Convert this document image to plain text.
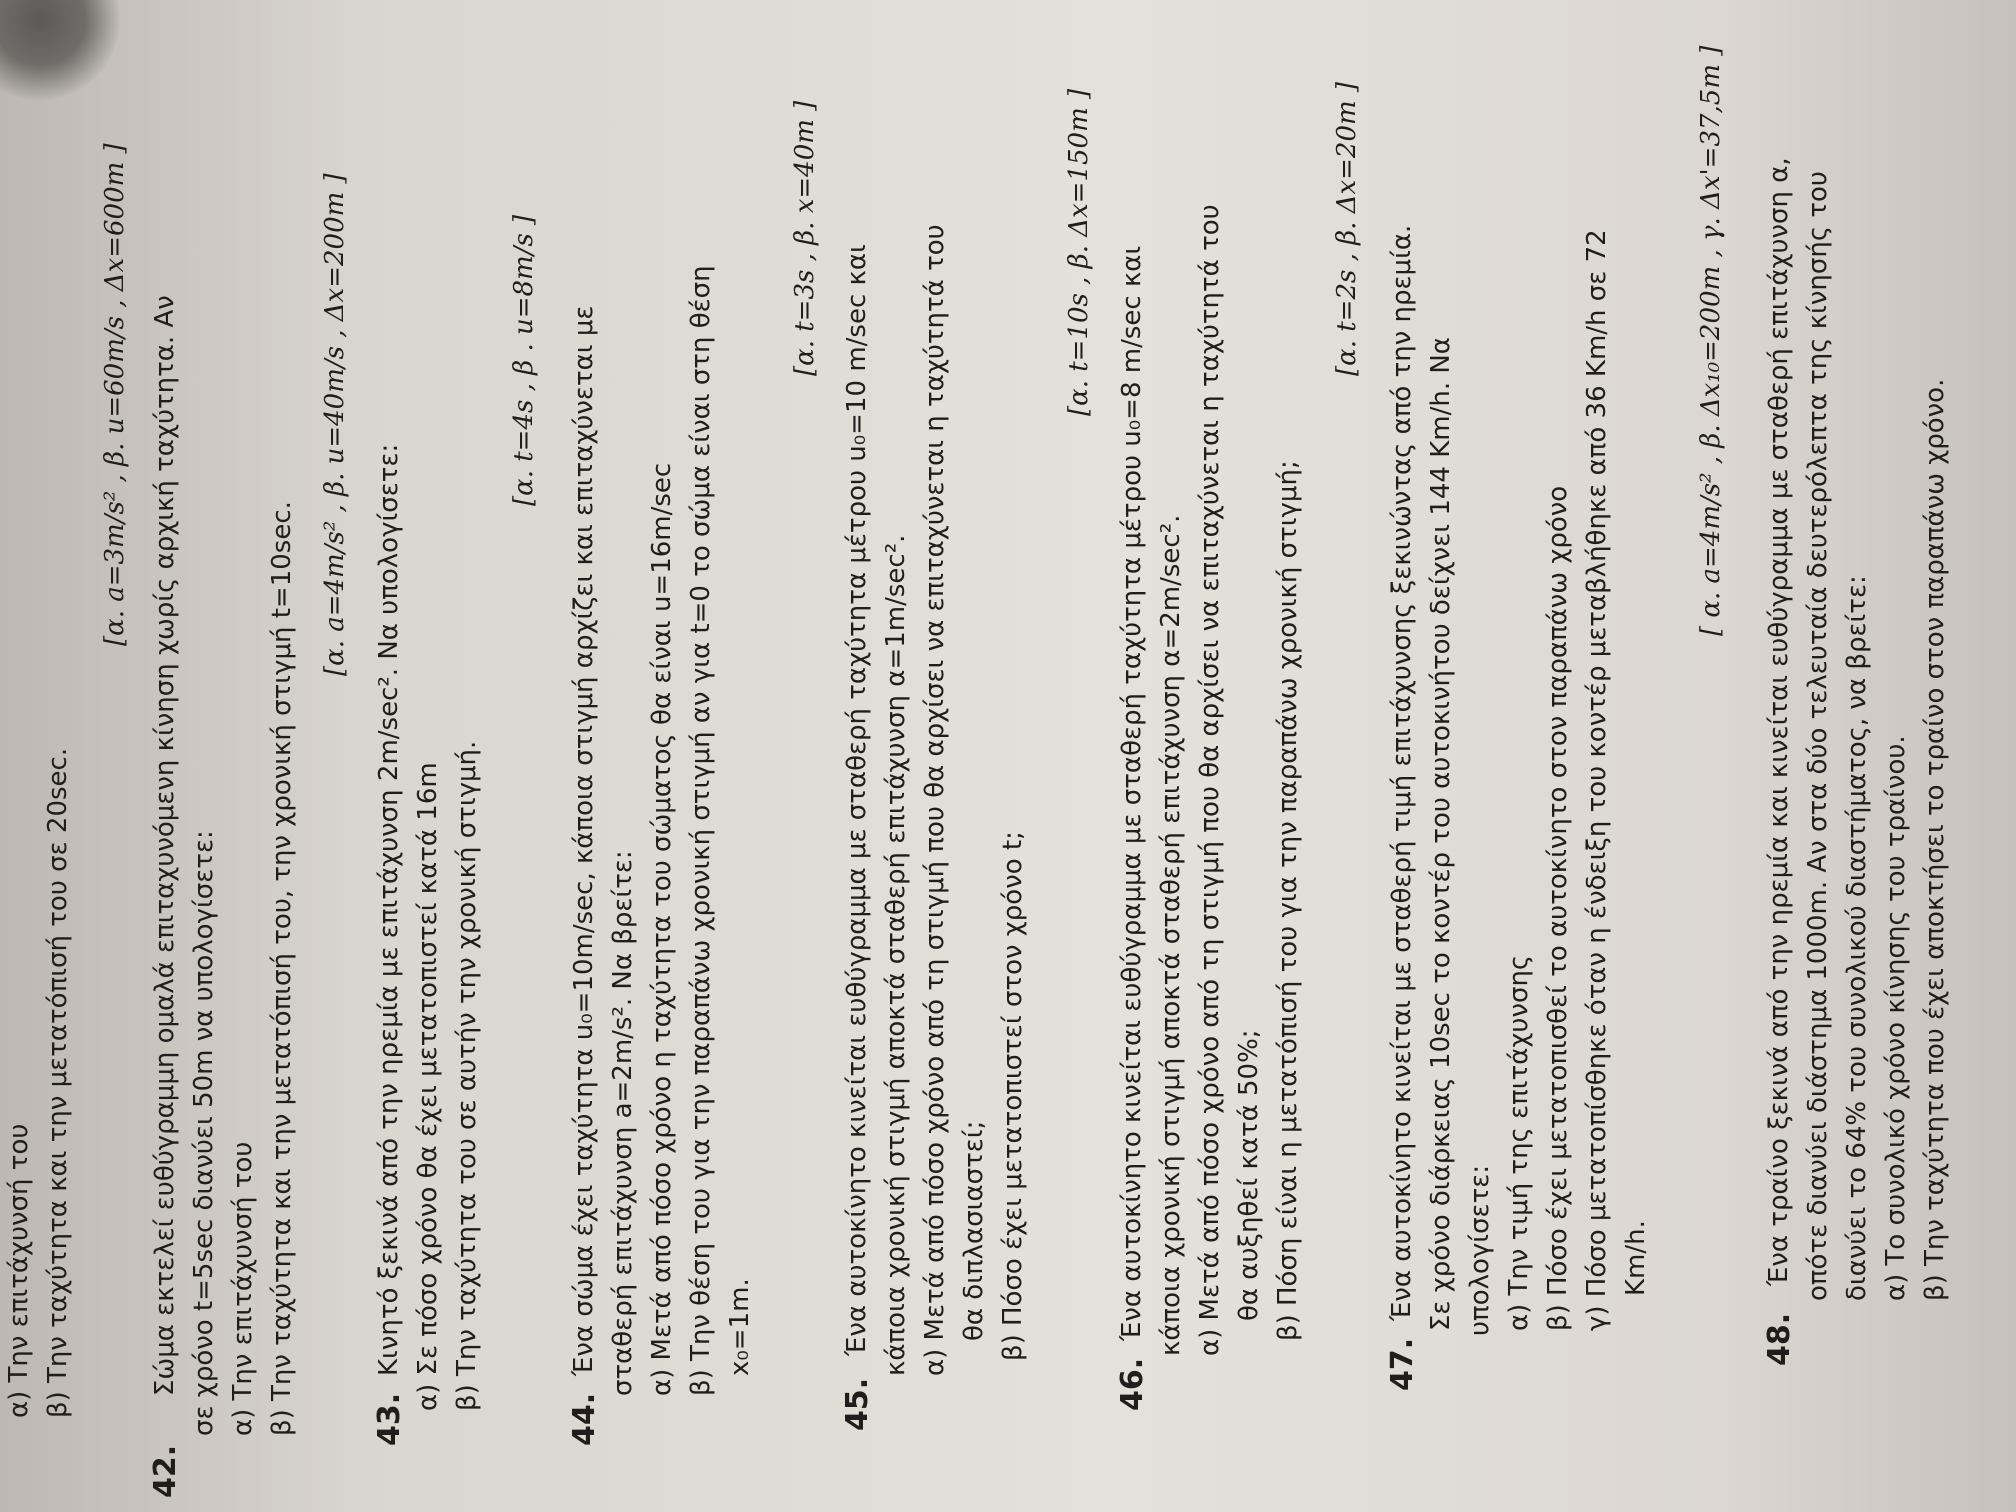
α) Την επιτάχυνσή του β) Την ταχύτητα και την μετατόπισή του σε 20sec.
[α. a=3m/s² , β. u=60m/s , Δx=600m ]
42.
Σώμα εκτελεί ευθύγραμμη ομαλά επιταχυνόμενη κίνηση χωρίς αρχική ταχύτητα. Αν σε χρόνο t=5sec διανύει 50m να υπολογίσετε: α) Την επιτάχυνσή του β) Την ταχύτητα και την μετατόπισή του, την χρονική στιγμή t=10sec.
[α. a=4m/s² , β. u=40m/s , Δx=200m ]
43.
Κινητό ξεκινά από την ηρεμία με επιτάχυνση 2m/sec². Να υπολογίσετε: α) Σε πόσο χρόνο θα έχει μετατοπιστεί κατά 16m β) Την ταχύτητα του σε αυτήν την χρονική στιγμή.
[α. t=4s , β . u=8m/s ]
44.
Ένα σώμα έχει ταχύτητα u₀=10m/sec, κάποια στιγμή αρχίζει και επιταχύνεται με σταθερή επιτάχυνση a=2m/s². Να βρείτε: α) Μετά από πόσο χρόνο η ταχύτητα του σώματος θα είναι u=16m/sec β) Την θέση του για την παραπάνω χρονική στιγμή αν για t=0 το σώμα είναι στη θέση x₀=1m.
[α. t=3s , β. x=40m ]
45.
Ένα αυτοκίνητο κινείται ευθύγραμμα με σταθερή ταχύτητα μέτρου u₀=10 m/sec και κάποια χρονική στιγμή αποκτά σταθερή επιτάχυνση α=1m/sec². α) Μετά από πόσο χρόνο από τη στιγμή που θα αρχίσει να επιταχύνεται η ταχύτητά του θα διπλασιαστεί; β) Πόσο έχει μετατοπιστεί στον χρόνο t;
[α. t=10s , β. Δx=150m ]
46.
Ένα αυτοκίνητο κινείται ευθύγραμμα με σταθερή ταχύτητα μέτρου u₀=8 m/sec και κάποια χρονική στιγμή αποκτά σταθερή επιτάχυνση α=2m/sec². α) Μετά από πόσο χρόνο από τη στιγμή που θα αρχίσει να επιταχύνεται η ταχύτητά του θα αυξηθεί κατά 50%; β) Πόση είναι η μετατόπισή του για την παραπάνω χρονική στιγμή;
[α. t=2s , β. Δx=20m ]
47.
Ένα αυτοκίνητο κινείται με σταθερή τιμή επιτάχυνσης ξεκινώντας από την ηρεμία. Σε χρόνο διάρκειας 10sec το κοντέρ του αυτοκινήτου δείχνει 144 Km/h. Να υπολογίσετε: α) Την τιμή της επιτάχυνσης β) Πόσο έχει μετατοπισθεί το αυτοκίνητο στον παραπάνω χρόνο γ) Πόσο μετατοπίσθηκε όταν η ένδειξη του κοντέρ μεταβλήθηκε από 36 Km/h σε 72 Km/h.
[ α. a=4m/s² , β. Δx₁₀=200m , γ. Δx'=37,5m ]
48.
Ένα τραίνο ξεκινά από την ηρεμία και κινείται ευθύγραμμα με σταθερή επιτάχυνση α, οπότε διανύει διάστημα 1000m. Αν στα δύο τελευταία δευτερόλεπτα της κίνησής του διανύει το 64% του συνολικού διαστήματος, να βρείτε: α) Το συνολικό χρόνο κίνησης του τραίνου. β) Την ταχύτητα που έχει αποκτήσει το τραίνο στον παραπάνω χρόνο.
